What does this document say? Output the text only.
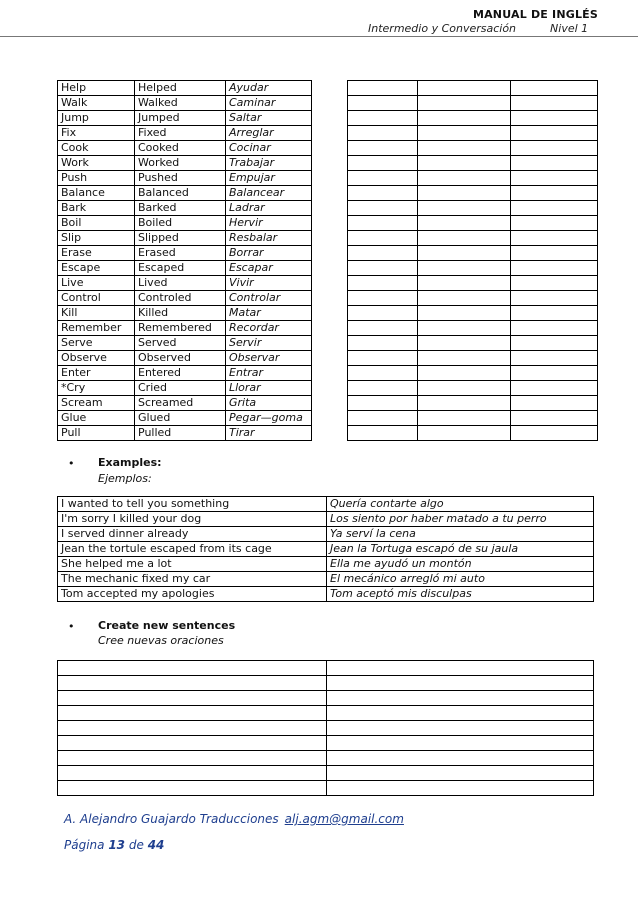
MANUAL DE INGLÉS
Intermedio y Conversación	Nivel 1
Help	Helped	Ayudar
Walk	Walked	Caminar
Jump	Jumped	Saltar
Fix	Fixed	Arreglar
Cook	Cooked	Cocinar
Work	Worked	Trabajar
Push	Pushed	Empujar
Balance	Balanced	Balancear
Bark	Barked	Ladrar
Boil	Boiled	Hervir
Slip	Slipped	Resbalar
Erase	Erased	Borrar
Escape	Escaped	Escapar
Live	Lived	Vivir
Control	Controled	Controlar
Kill	Killed	Matar
Remember	Remembered	Recordar
Serve	Served	Servir
Observe	Observed	Observar
Enter	Entered	Entrar
*Cry	Cried	Llorar
Scream	Screamed	Grita
Glue	Glued	Pegar—goma
Pull	Pulled	Tirar

• Examples:
Ejemplos:
I wanted to tell you something	Quería contarte algo
I'm sorry I killed your dog	Los siento por haber matado a tu perro
I served dinner already	Ya serví la cena
Jean the tortule escaped from its cage	Jean la Tortuga escapó de su jaula
She helped me a lot	Ella me ayudó un montón
The mechanic fixed my car	El mecánico arregló mi auto
Tom accepted my apologies	Tom aceptó mis disculpas
• Create new sentences
Cree nuevas oraciones

A. Alejandro Guajardo Traducciones alj.agm@gmail.com
Página 13 de 44
